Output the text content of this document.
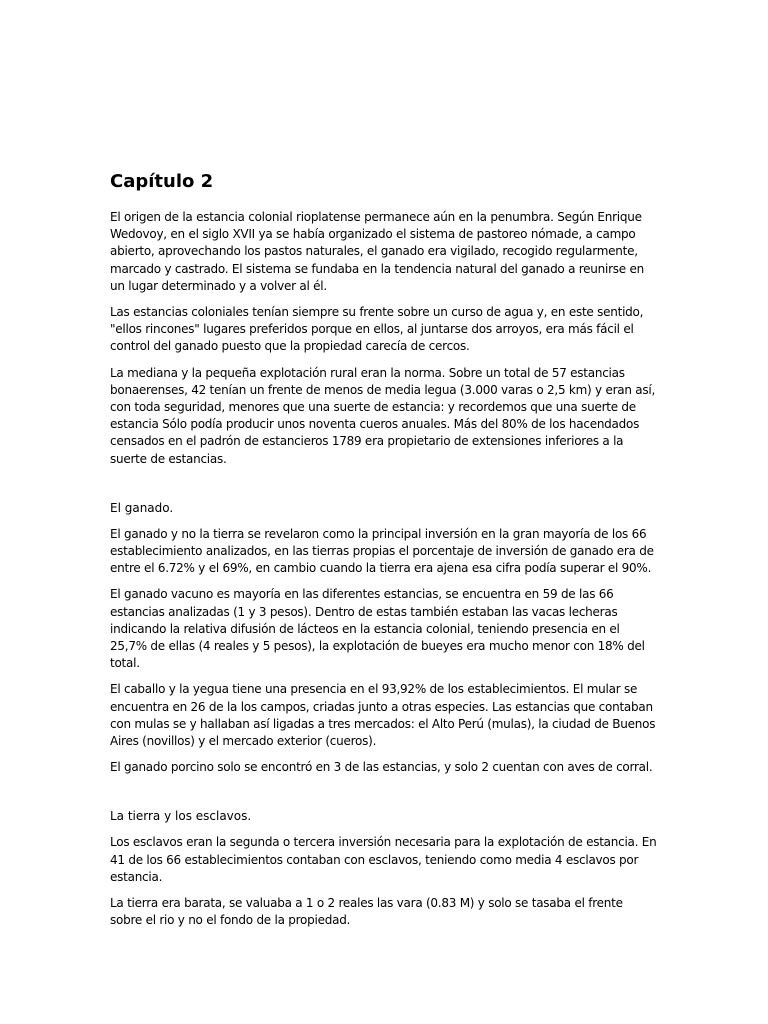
Capítulo 2

El origen de la estancia colonial rioplatense permanece aún en la penumbra. Según Enrique Wedovoy, en el siglo XVII ya se había organizado el sistema de pastoreo nómade, a campo abierto, aprovechando los pastos naturales, el ganado era vigilado, recogido regularmente, marcado y castrado. El sistema se fundaba en la tendencia natural del ganado a reunirse en un lugar determinado y a volver al él.

Las estancias coloniales tenían siempre su frente sobre un curso de agua y, en este sentido, "ellos rincones" lugares preferidos porque en ellos, al juntarse dos arroyos, era más fácil el control del ganado puesto que la propiedad carecía de cercos.

La mediana y la pequeña explotación rural eran la norma. Sobre un total de 57 estancias bonaerenses, 42 tenían un frente de menos de media legua (3.000 varas o 2,5 km) y eran así, con toda seguridad, menores que una suerte de estancia: y recordemos que una suerte de estancia Sólo podía producir unos noventa cueros anuales. Más del 80% de los hacendados censados en el padrón de estancieros 1789 era propietario de extensiones inferiores a la suerte de estancias.

El ganado.

El ganado y no la tierra se revelaron como la principal inversión en la gran mayoría de los 66 establecimiento analizados, en las tierras propias el porcentaje de inversión de ganado era de entre el 6.72% y el 69%, en cambio cuando la tierra era ajena esa cifra podía superar el 90%.

El ganado vacuno es mayoría en las diferentes estancias, se encuentra en 59 de las 66 estancias analizadas (1 y 3 pesos). Dentro de estas también estaban las vacas lecheras indicando la relativa difusión de lácteos en la estancia colonial, teniendo presencia en el 25,7% de ellas (4 reales y 5 pesos), la explotación de bueyes era mucho menor con 18% del total.

El caballo y la yegua tiene una presencia en el 93,92% de los establecimientos. El mular se encuentra en 26 de la los campos, criadas junto a otras especies. Las estancias que contaban con mulas se y hallaban así ligadas a tres mercados: el Alto Perú (mulas), la ciudad de Buenos Aires (novillos) y el mercado exterior (cueros).

El ganado porcino solo se encontró en 3 de las estancias, y solo 2 cuentan con aves de corral.

La tierra y los esclavos.

Los esclavos eran la segunda o tercera inversión necesaria para la explotación de estancia. En 41 de los 66 establecimientos contaban con esclavos, teniendo como media 4 esclavos por estancia.

La tierra era barata, se valuaba a 1 o 2 reales las vara (0.83 M) y solo se tasaba el frente sobre el rio y no el fondo de la propiedad.
